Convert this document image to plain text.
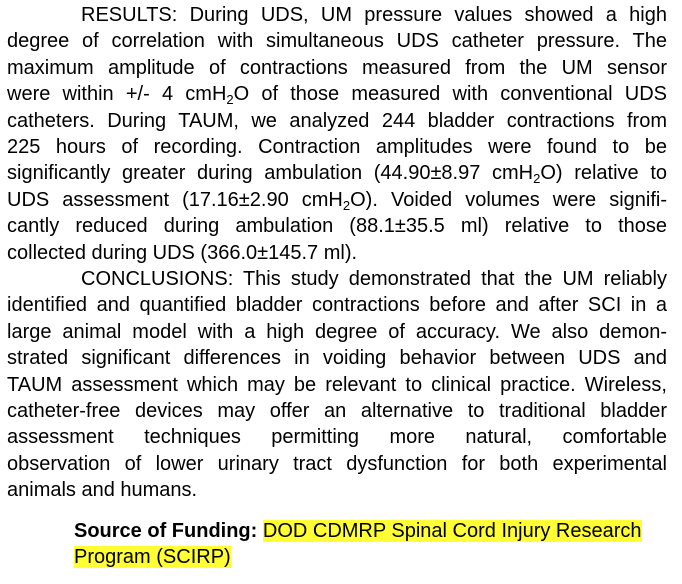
RESULTS: During UDS, UM pressure values showed a high
degree of correlation with simultaneous UDS catheter pressure. The
maximum amplitude of contractions measured from the UM sensor
were within +/- 4 cmH$_2$O of those measured with conventional UDS
catheters. During TAUM, we analyzed 244 bladder contractions from
225 hours of recording. Contraction amplitudes were found to be
significantly greater during ambulation (44.90±8.97 cmH$_2$O) relative to
UDS assessment (17.16±2.90 cmH$_2$O). Voided volumes were signifi-
cantly reduced during ambulation (88.1±35.5 ml) relative to those
collected during UDS (366.0±145.7 ml).
CONCLUSIONS: This study demonstrated that the UM reliably
identified and quantified bladder contractions before and after SCI in a
large animal model with a high degree of accuracy. We also demon-
strated significant differences in voiding behavior between UDS and
TAUM assessment which may be relevant to clinical practice. Wireless,
catheter-free devices may offer an alternative to traditional bladder
assessment techniques permitting more natural, comfortable
observation of lower urinary tract dysfunction for both experimental
animals and humans.
Source of Funding: DOD CDMRP Spinal Cord Injury Research
Program (SCIRP)
